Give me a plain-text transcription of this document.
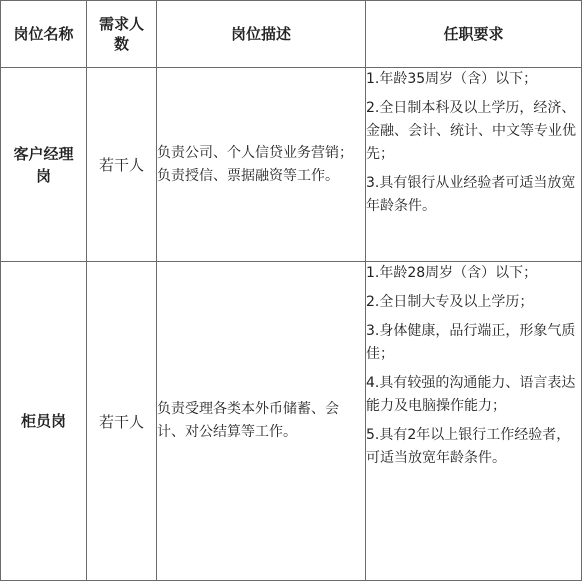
岗位名称	需求人数	岗位描述	任职要求

客户经理岗	若干人	负责公司、个人信贷业务营销；负责授信、票据融资等工作。	1.年龄35周岁（含）以下；
2.全日制本科及以上学历，经济、金融、会计、统计、中文等专业优先；
3.具有银行从业经验者可适当放宽年龄条件。

柜员岗	若干人	负责受理各类本外币储蓄、会计、对公结算等工作。	1.年龄28周岁（含）以下；
2.全日制大专及以上学历；
3.身体健康，品行端正，形象气质佳；
4.具有较强的沟通能力、语言表达能力及电脑操作能力；
5.具有2年以上银行工作经验者，可适当放宽年龄条件。
